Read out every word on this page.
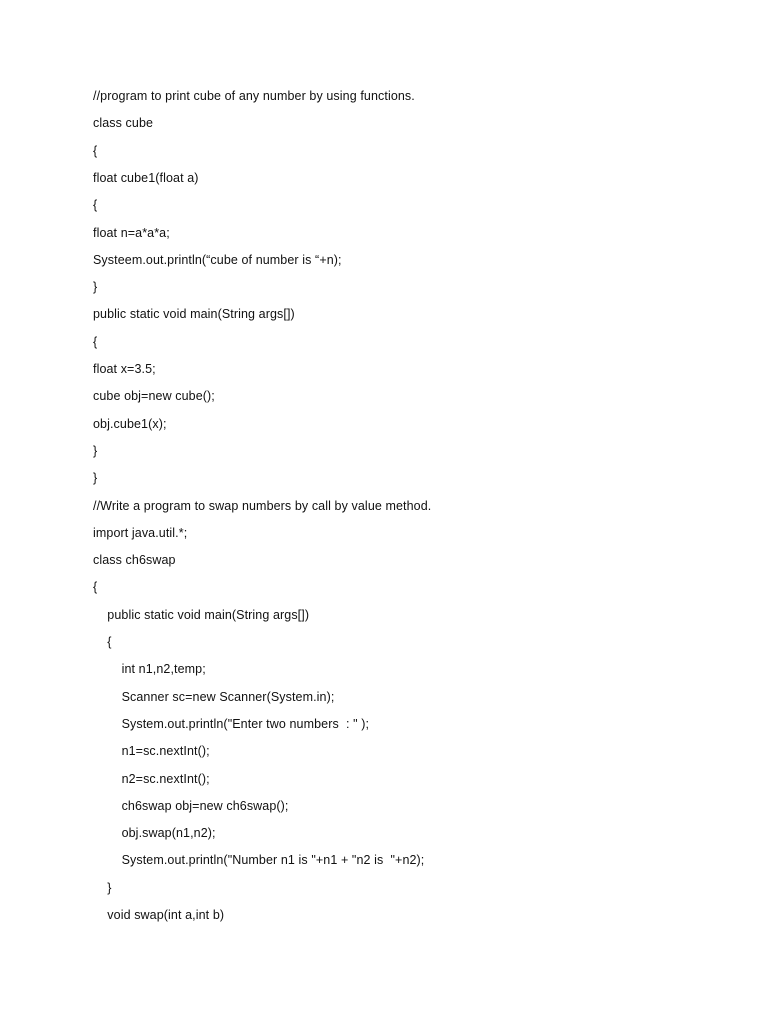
//program to print cube of any number by using functions.
class cube
{
float cube1(float a)
{
float n=a*a*a;
Systeem.out.println(“cube of number is “+n);
}
public static void main(String args[])
{
float x=3.5;
cube obj=new cube();
obj.cube1(x);
}
}
//Write a program to swap numbers by call by value method.
import java.util.*;
class ch6swap
{
public static void main(String args[])
{
int n1,n2,temp;
Scanner sc=new Scanner(System.in);
System.out.println("Enter two numbers  : " );
n1=sc.nextInt();
n2=sc.nextInt();
ch6swap obj=new ch6swap();
obj.swap(n1,n2);
System.out.println("Number n1 is "+n1 + "n2 is  "+n2);
}
void swap(int a,int b)
